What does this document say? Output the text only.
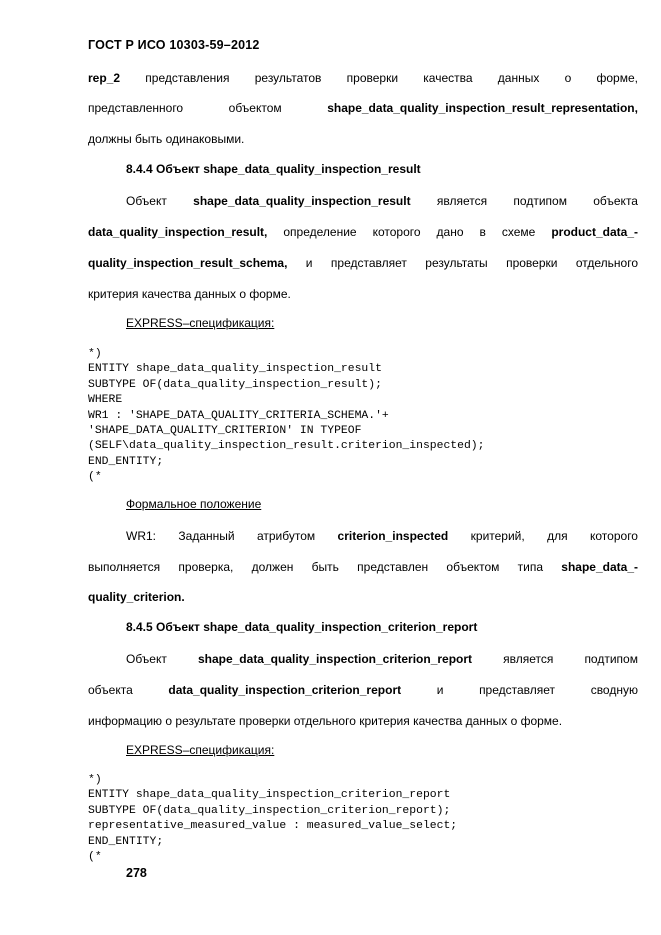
ГОСТ Р ИСО 10303-59–2012
rep_2 представления результатов проверки качества данных о форме,
представленного	объектом	shape_data_quality_inspection_result_representation,
должны быть одинаковыми.
8.4.4 Объект shape_data_quality_inspection_result
Объект shape_data_quality_inspection_result является подтипом объекта
data_quality_inspection_result, определение которого дано в схеме product_data_-
quality_inspection_result_schema, и представляет результаты проверки отдельного
критерия качества данных о форме.
EXPRESS–спецификация:
*)
ENTITY shape_data_quality_inspection_result
SUBTYPE OF(data_quality_inspection_result);
WHERE
WR1 : 'SHAPE_DATA_QUALITY_CRITERIA_SCHEMA.'+
'SHAPE_DATA_QUALITY_CRITERION' IN TYPEOF
(SELF\data_quality_inspection_result.criterion_inspected);
END_ENTITY;
(*
Формальное положение
WR1: Заданный атрибутом criterion_inspected критерий, для которого
выполняется проверка, должен быть представлен объектом типа shape_data_-
quality_criterion.
8.4.5 Объект shape_data_quality_inspection_criterion_report
Объект	shape_data_quality_inspection_criterion_report	является	подтипом
объекта	data_quality_inspection_criterion_report	и	представляет	сводную
информацию о результате проверки отдельного критерия качества данных о форме.
EXPRESS–спецификация:
*)
ENTITY shape_data_quality_inspection_criterion_report
SUBTYPE OF(data_quality_inspection_criterion_report);
representative_measured_value : measured_value_select;
END_ENTITY;
(*
278
